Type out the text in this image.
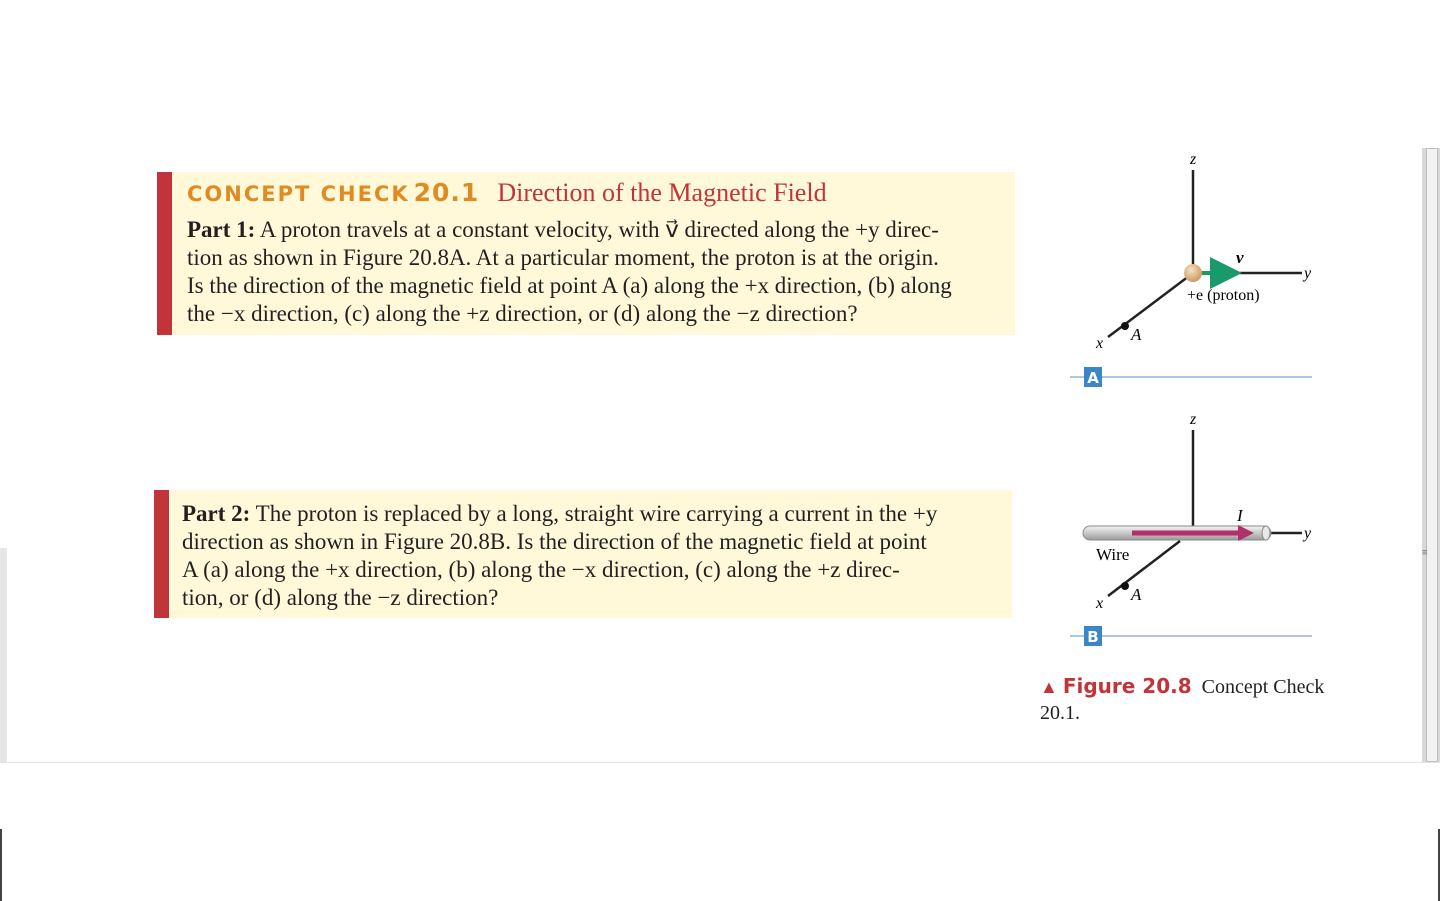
CONCEPT CHECK 20.1 Direction of the Magnetic Field
Part 1: A proton travels at a constant velocity, with v⃗ directed along the +y direc-
tion as shown in Figure 20.8A. At a particular moment, the proton is at the origin.
Is the direction of the magnetic field at point A (a) along the +x direction, (b) along
the −x direction, (c) along the +z direction, or (d) along the −z direction?
Part 2: The proton is replaced by a long, straight wire carrying a current in the +y
direction as shown in Figure 20.8B. Is the direction of the magnetic field at point
A (a) along the +x direction, (b) along the −x direction, (c) along the +z direc-
tion, or (d) along the −z direction?
z
y
x A
v⃗
+e (proton)
A
z
y
x A
I
Wire
B
▲ Figure 20.8 Concept Check 20.1.
≡
